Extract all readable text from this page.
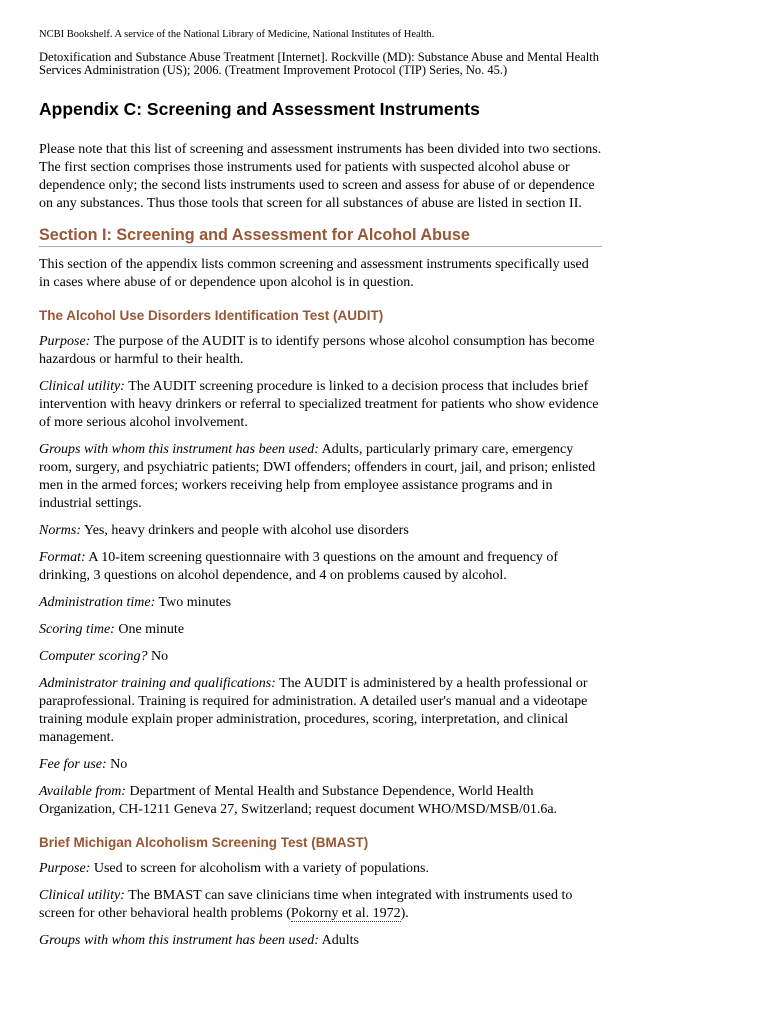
NCBI Bookshelf. A service of the National Library of Medicine, National Institutes of Health.
Detoxification and Substance Abuse Treatment [Internet]. Rockville (MD): Substance Abuse and Mental Health Services Administration (US); 2006. (Treatment Improvement Protocol (TIP) Series, No. 45.)
Appendix C: Screening and Assessment Instruments

Please note that this list of screening and assessment instruments has been divided into two sections. The first section comprises those instruments used for patients with suspected alcohol abuse or dependence only; the second lists instruments used to screen and assess for abuse of or dependence on any substances. Thus those tools that screen for all substances of abuse are listed in section II.

Section I: Screening and Assessment for Alcohol Abuse

This section of the appendix lists common screening and assessment instruments specifically used in cases where abuse of or dependence upon alcohol is in question.

The Alcohol Use Disorders Identification Test (AUDIT)

Purpose: The purpose of the AUDIT is to identify persons whose alcohol consumption has become hazardous or harmful to their health.

Clinical utility: The AUDIT screening procedure is linked to a decision process that includes brief intervention with heavy drinkers or referral to specialized treatment for patients who show evidence of more serious alcohol involvement.

Groups with whom this instrument has been used: Adults, particularly primary care, emergency room, surgery, and psychiatric patients; DWI offenders; offenders in court, jail, and prison; enlisted men in the armed forces; workers receiving help from employee assistance programs and in industrial settings.

Norms: Yes, heavy drinkers and people with alcohol use disorders

Format: A 10-item screening questionnaire with 3 questions on the amount and frequency of drinking, 3 questions on alcohol dependence, and 4 on problems caused by alcohol.

Administration time: Two minutes

Scoring time: One minute

Computer scoring? No

Administrator training and qualifications: The AUDIT is administered by a health professional or paraprofessional. Training is required for administration. A detailed user's manual and a videotape training module explain proper administration, procedures, scoring, interpretation, and clinical management.

Fee for use: No

Available from: Department of Mental Health and Substance Dependence, World Health Organization, CH-1211 Geneva 27, Switzerland; request document WHO/MSD/MSB/01.6a.

Brief Michigan Alcoholism Screening Test (BMAST)

Purpose: Used to screen for alcoholism with a variety of populations.

Clinical utility: The BMAST can save clinicians time when integrated with instruments used to screen for other behavioral health problems (Pokorny et al. 1972).

Groups with whom this instrument has been used: Adults
